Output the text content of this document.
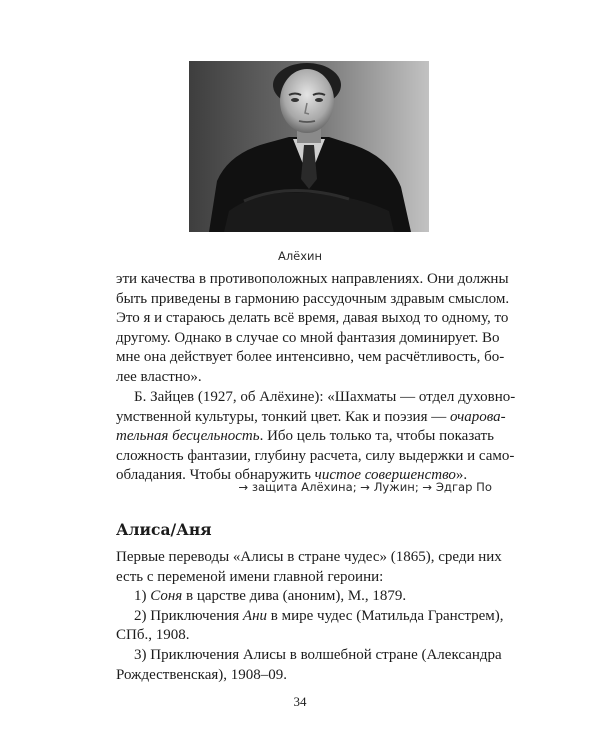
Алёхин
эти качества в противоположных направлениях. Они должны
быть приведены в гармонию рассудочным здравым смыслом.
Это я и стараюсь делать всё время, давая выход то одному, то
другому. Однако в случае со мной фантазия доминирует. Во
мне она действует более интенсивно, чем расчётливость, бо-
лее властно».
Б. Зайцев (1927, об Алёхине): «Шахматы — отдел духовно-
умственной культуры, тонкий цвет. Как и поэзия — очарова-
тельная бесцельность. Ибо цель только та, чтобы показать
сложность фантазии, глубину расчета, силу выдержки и само-
обладания. Чтобы обнаружить чистое совершенство».
→ защита Алёхина; → Лужин; → Эдгар По
Алиса/Аня
Первые переводы «Алисы в стране чудес» (1865), среди них
есть с переменой имени главной героини:
1) Соня в царстве дива (аноним), М., 1879.
2) Приключения Ани в мире чудес (Матильда Гранстрем),
СПб., 1908.
3) Приключения Алисы в волшебной стране (Александра
Рождественская), 1908–09.
34
